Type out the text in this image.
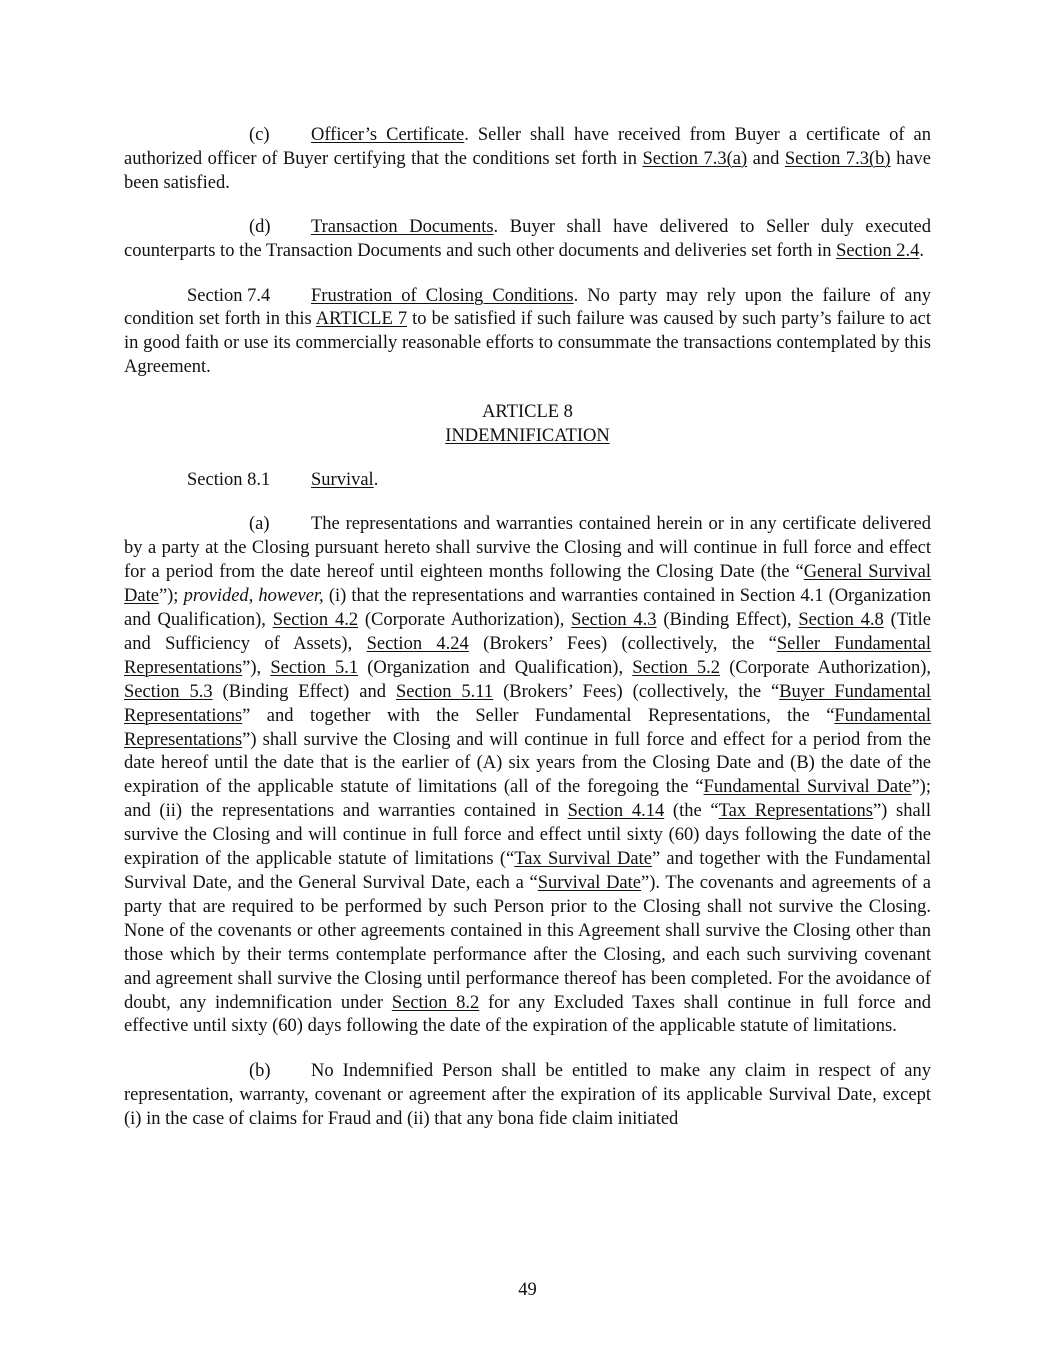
(c) Officer’s Certificate. Seller shall have received from Buyer a certificate of an authorized officer of Buyer certifying that the conditions set forth in Section 7.3(a) and Section 7.3(b) have been satisfied.

(d) Transaction Documents. Buyer shall have delivered to Seller duly executed counterparts to the Transaction Documents and such other documents and deliveries set forth in Section 2.4.

Section 7.4 Frustration of Closing Conditions. No party may rely upon the failure of any condition set forth in this ARTICLE 7 to be satisfied if such failure was caused by such party’s failure to act in good faith or use its commercially reasonable efforts to consummate the transactions contemplated by this Agreement.

ARTICLE 8

INDEMNIFICATION

Section 8.1 Survival.

(a) The representations and warranties contained herein or in any certificate delivered by a party at the Closing pursuant hereto shall survive the Closing and will continue in full force and effect for a period from the date hereof until eighteen months following the Closing Date (the “General Survival Date”); provided, however, (i) that the representations and warranties contained in Section 4.1 (Organization and Qualification), Section 4.2 (Corporate Authorization), Section 4.3 (Binding Effect), Section 4.8 (Title and Sufficiency of Assets), Section 4.24 (Brokers’ Fees) (collectively, the “Seller Fundamental Representations”), Section 5.1 (Organization and Qualification), Section 5.2 (Corporate Authorization), Section 5.3 (Binding Effect) and Section 5.11 (Brokers’ Fees) (collectively, the “Buyer Fundamental Representations” and together with the Seller Fundamental Representations, the “Fundamental Representations”) shall survive the Closing and will continue in full force and effect for a period from the date hereof until the date that is the earlier of (A) six years from the Closing Date and (B) the date of the expiration of the applicable statute of limitations (all of the foregoing the “Fundamental Survival Date”); and (ii) the representations and warranties contained in Section 4.14 (the “Tax Representations”) shall survive the Closing and will continue in full force and effect until sixty (60) days following the date of the expiration of the applicable statute of limitations (“Tax Survival Date” and together with the Fundamental Survival Date, and the General Survival Date, each a “Survival Date”). The covenants and agreements of a party that are required to be performed by such Person prior to the Closing shall not survive the Closing. None of the covenants or other agreements contained in this Agreement shall survive the Closing other than those which by their terms contemplate performance after the Closing, and each such surviving covenant and agreement shall survive the Closing until performance thereof has been completed. For the avoidance of doubt, any indemnification under Section 8.2 for any Excluded Taxes shall continue in full force and effective until sixty (60) days following the date of the expiration of the applicable statute of limitations.

(b) No Indemnified Person shall be entitled to make any claim in respect of any representation, warranty, covenant or agreement after the expiration of its applicable Survival Date, except (i) in the case of claims for Fraud and (ii) that any bona fide claim initiated

49
